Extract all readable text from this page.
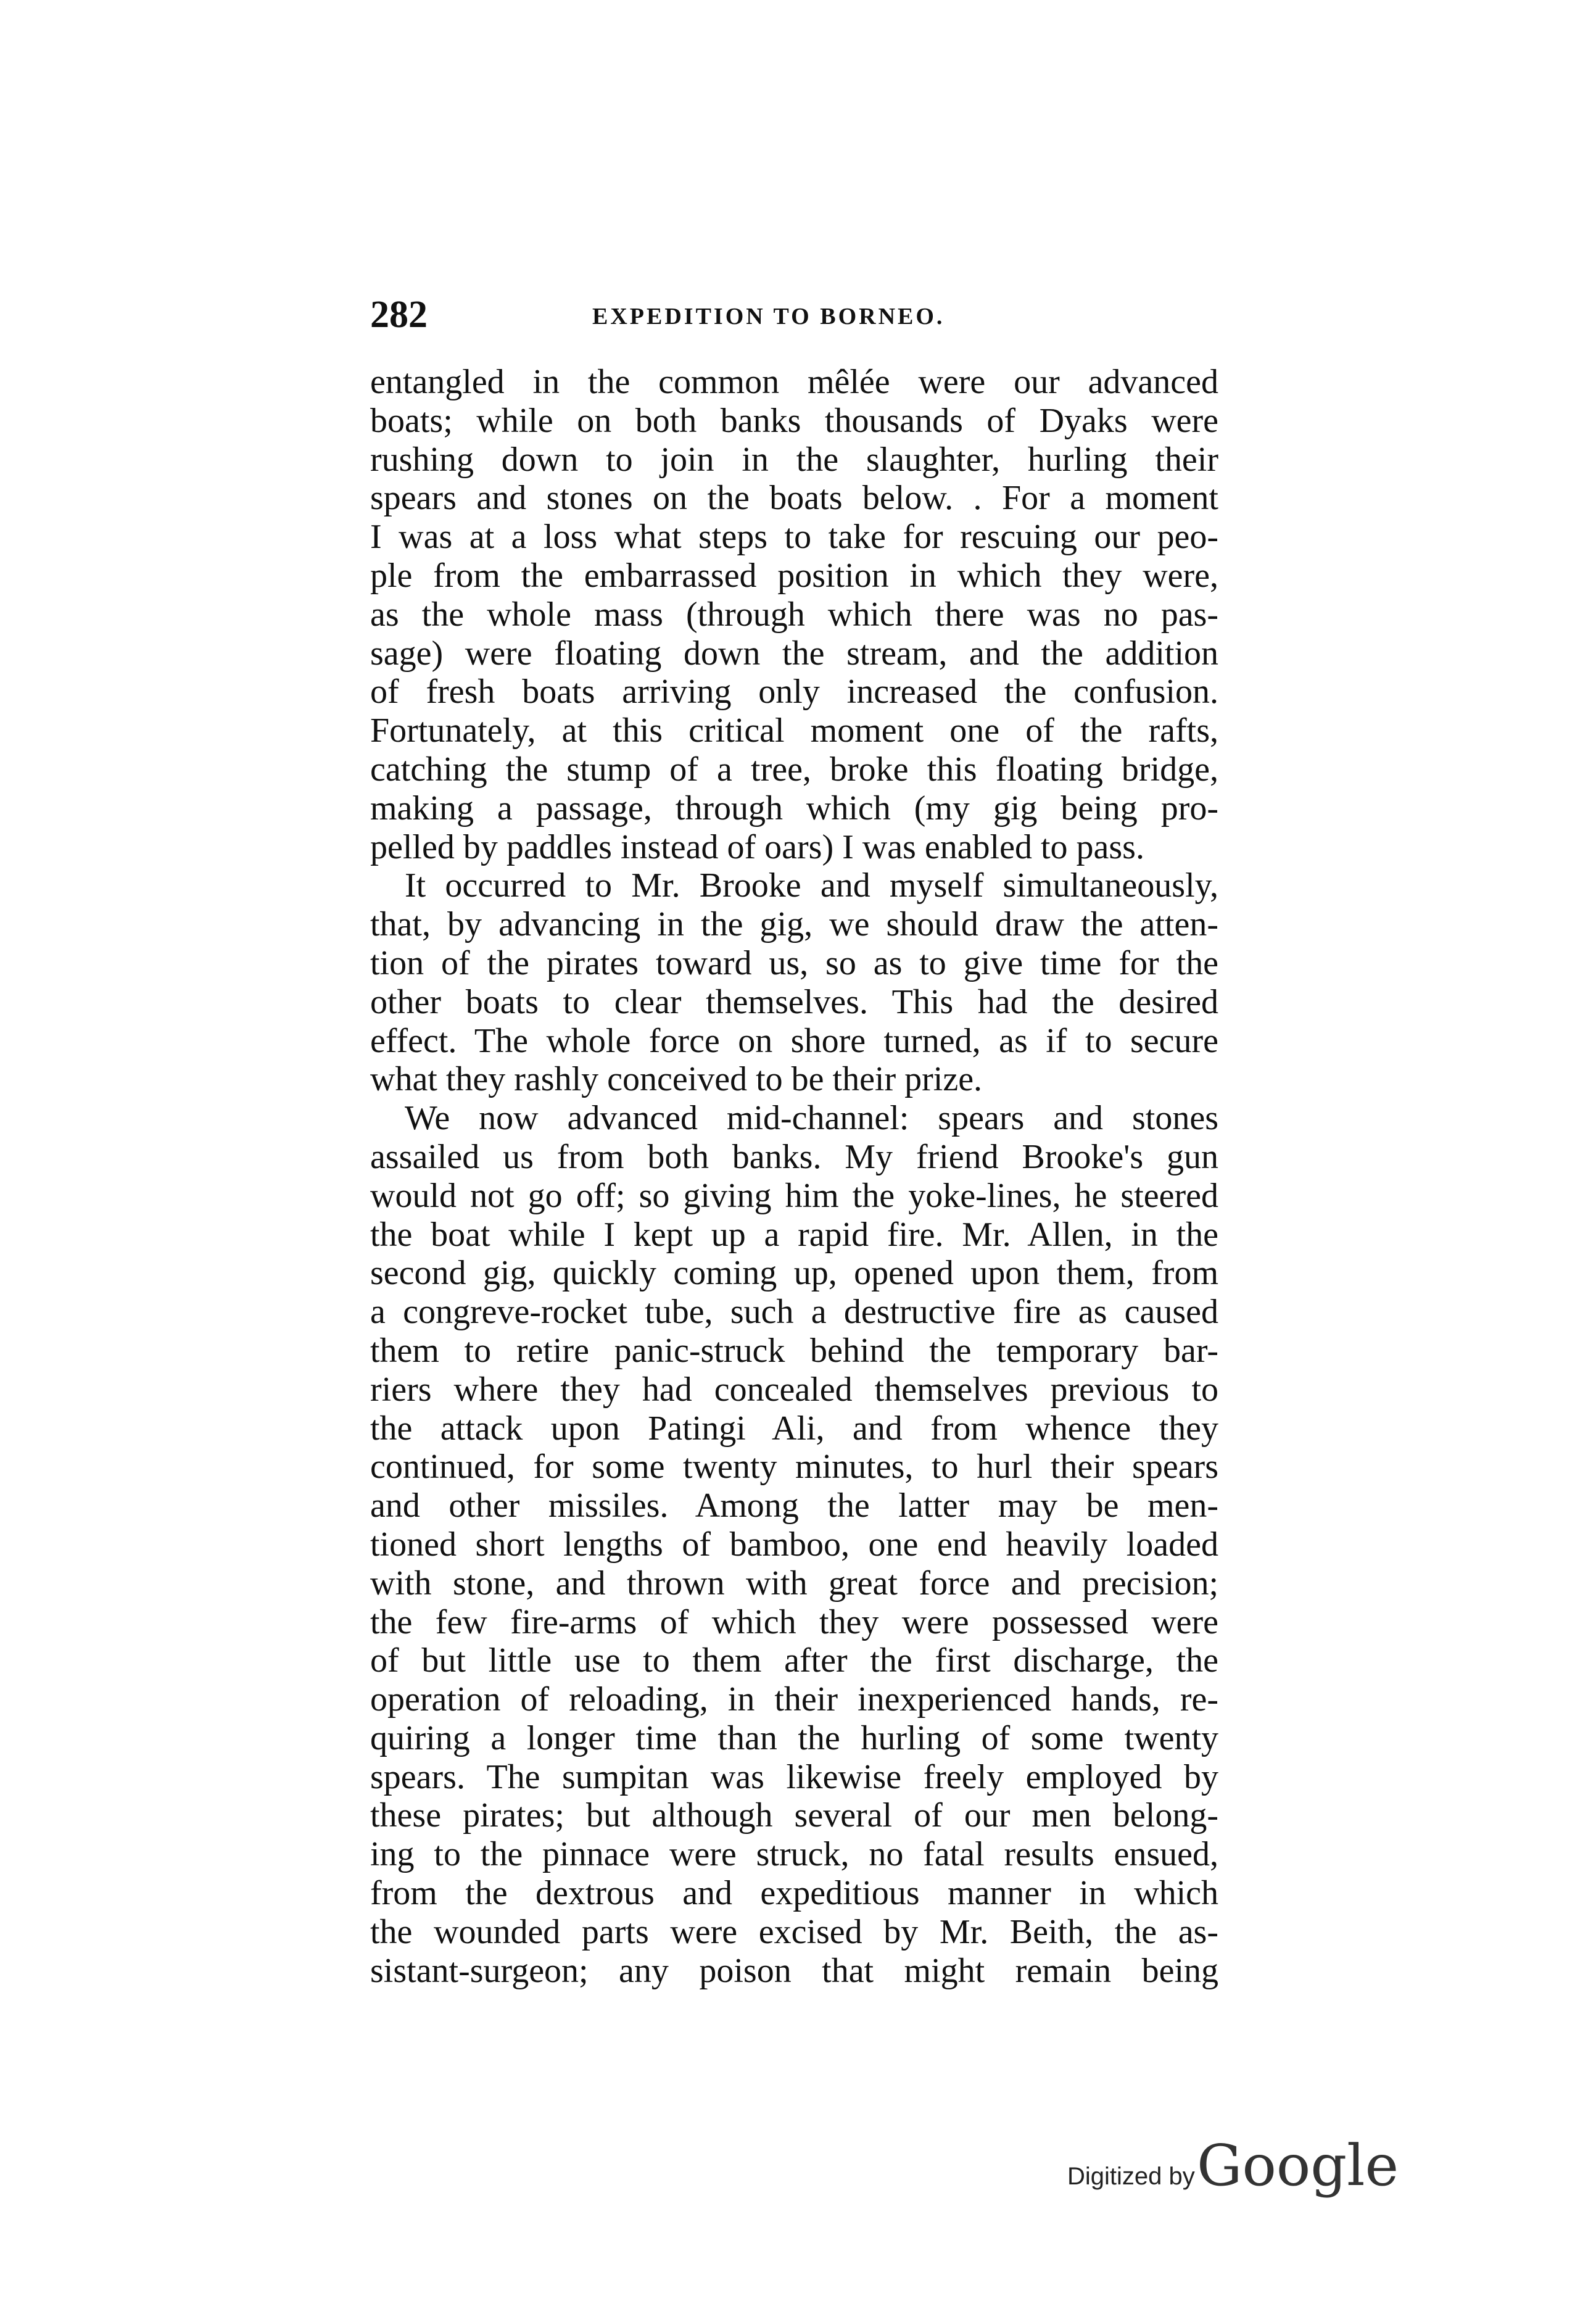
282	EXPEDITION TO BORNEO.
entangled in the common mêlée were our advanced
boats; while on both banks thousands of Dyaks were
rushing down to join in the slaughter, hurling their
spears and stones on the boats below. . For a moment
I was at a loss what steps to take for rescuing our peo-
ple from the embarrassed position in which they were,
as the whole mass (through which there was no pas-
sage) were floating down the stream, and the addition
of fresh boats arriving only increased the confusion.
Fortunately, at this critical moment one of the rafts,
catching the stump of a tree, broke this floating bridge,
making a passage, through which (my gig being pro-
pelled by paddles instead of oars) I was enabled to pass.
It occurred to Mr. Brooke and myself simultaneously,
that, by advancing in the gig, we should draw the atten-
tion of the pirates toward us, so as to give time for the
other boats to clear themselves. This had the desired
effect. The whole force on shore turned, as if to secure
what they rashly conceived to be their prize.
We now advanced mid-channel: spears and stones
assailed us from both banks. My friend Brooke's gun
would not go off; so giving him the yoke-lines, he steered
the boat while I kept up a rapid fire. Mr. Allen, in the
second gig, quickly coming up, opened upon them, from
a congreve-rocket tube, such a destructive fire as caused
them to retire panic-struck behind the temporary bar-
riers where they had concealed themselves previous to
the attack upon Patingi Ali, and from whence they
continued, for some twenty minutes, to hurl their spears
and other missiles. Among the latter may be men-
tioned short lengths of bamboo, one end heavily loaded
with stone, and thrown with great force and precision;
the few fire-arms of which they were possessed were
of but little use to them after the first discharge, the
operation of reloading, in their inexperienced hands, re-
quiring a longer time than the hurling of some twenty
spears. The sumpitan was likewise freely employed by
these pirates; but although several of our men belong-
ing to the pinnace were struck, no fatal results ensued,
from the dextrous and expeditious manner in which
the wounded parts were excised by Mr. Beith, the as-
sistant-surgeon; any poison that might remain being
Digitized by Google
